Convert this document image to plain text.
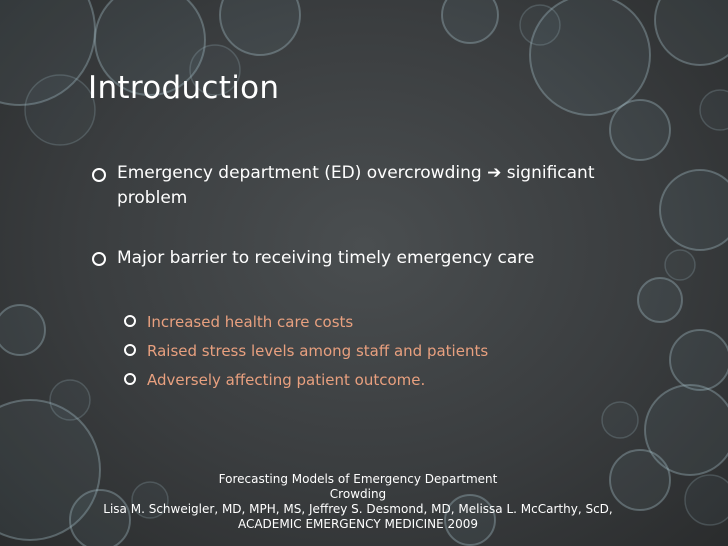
Introduction
Emergency department (ED) overcrowding ➔ significant
problem
Major barrier to receiving timely emergency care
Increased health care costs
Raised stress levels among staff and patients
Adversely affecting patient outcome.
Forecasting Models of Emergency Department
Crowding
Lisa M. Schweigler, MD, MPH, MS, Jeffrey S. Desmond, MD, Melissa L. McCarthy, ScD,
ACADEMIC EMERGENCY MEDICINE 2009
